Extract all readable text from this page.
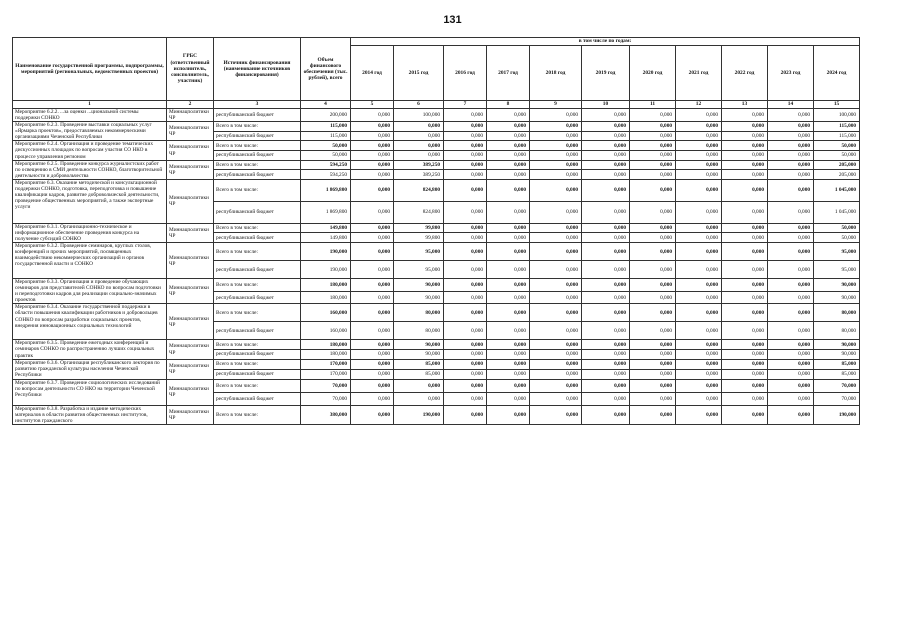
131
Наименование государственной программы, подпрограммы, мероприятий (региональных, ведомственных проектов)	ГРБС (ответственный исполнитель, соисполнитель, участник)	Источник финансирования (наименование источников финансирования)	Объем финансового обеспечения (тыс. рублей), всего	в том числе по годам:										
				2014 год	2015 год	2016 год	2017 год	2018 год	2019 год	2020 год	2021 год	2022 год	2023 год	2024 год
1	2	3	4	5	6	7	8	9	10	11	12	13	14	15
Мероприятие 6.2.2. ...за оценки ...циональной системы поддержки СОНКО	Миннацполитики ЧР	республиканский бюджет	200,000	0,000	100,000	0,000	0,000	0,000	0,000	0,000	0,000	0,000	0,000	100,000
Мероприятие 6.2.3. Проведение выставки социальных услуг «Ярмарка проектов», предоставляемых некоммерческими организациями Чеченской Республики	Миннацполитики ЧР	Всего в том числе:	115,000	0,000	0,000	0,000	0,000	0,000	0,000	0,000	0,000	0,000	0,000	115,000
		республиканский бюджет	115,000	0,000	0,000	0,000	0,000	0,000	0,000	0,000	0,000	0,000	0,000	115,000
Мероприятие 6.2.4. Организация и проведение тематических дискуссионных площадок по вопросам участия СО НКО в процессе управления регионом	Миннацполитики ЧР	Всего в том числе:	50,000	0,000	0,000	0,000	0,000	0,000	0,000	0,000	0,000	0,000	0,000	50,000
		республиканский бюджет	50,000	0,000	0,000	0,000	0,000	0,000	0,000	0,000	0,000	0,000	0,000	50,000
Мероприятие 6.2.5. Проведение конкурса журналистских работ по освещению в СМИ деятельности СОНКО, благотворительной деятельности и добровольчества	Миннацполитики ЧР	Всего в том числе:	594,250	0,000	389,250	0,000	0,000	0,000	0,000	0,000	0,000	0,000	0,000	205,000
		республиканский бюджет	594,250	0,000	389,250	0,000	0,000	0,000	0,000	0,000	0,000	0,000	0,000	205,000
Мероприятие 6.3. Оказание методической и консультационной поддержки СОНКО, подготовка, переподготовка и повышение квалификации кадров, развитие добровольческой деятельности, проведение общественных мероприятий, а также экспертные услуги	Миннацполитики ЧР	Всего в том числе:	1 869,800	0,000	824,800	0,000	0,000	0,000	0,000	0,000	0,000	0,000	0,000	1 045,000
		республиканский бюджет	1 869,800	0,000	824,800	0,000	0,000	0,000	0,000	0,000	0,000	0,000	0,000	1 045,000
Мероприятие 6.3.1. Организационно-техническое и информационное обеспечение проведения конкурса на получение субсидий СОНКО	Миннацполитики ЧР	Всего в том числе:	149,800	0,000	99,800	0,000	0,000	0,000	0,000	0,000	0,000	0,000	0,000	50,000
		республиканский бюджет	149,800	0,000	99,800	0,000	0,000	0,000	0,000	0,000	0,000	0,000	0,000	50,000
Мероприятие 6.3.2. Проведение семинаров, круглых столов, конференций и прочих мероприятий, посвященных взаимодействию некоммерческих организаций и органов государственной власти и СОНКО	Миннацполитики ЧР	Всего в том числе:	190,000	0,000	95,000	0,000	0,000	0,000	0,000	0,000	0,000	0,000	0,000	95,000
		республиканский бюджет	190,000	0,000	95,000	0,000	0,000	0,000	0,000	0,000	0,000	0,000	0,000	95,000
Мероприятие 6.3.3. Организация и проведение обучающих семинаров для представителей СОНКО по вопросам подготовки и переподготовки кадров для реализации социально-значимых проектов	Миннацполитики ЧР	Всего в том числе:	180,000	0,000	90,000	0,000	0,000	0,000	0,000	0,000	0,000	0,000	0,000	90,000
		республиканский бюджет	180,000	0,000	90,000	0,000	0,000	0,000	0,000	0,000	0,000	0,000	0,000	90,000
Мероприятие 6.3.4. Оказание государственной поддержки в области повышения квалификации работников и добровольцев СОНКО по вопросам разработки социальных проектов, внедрения инновационных социальных технологий	Миннацполитики ЧР	Всего в том числе:	160,000	0,000	80,000	0,000	0,000	0,000	0,000	0,000	0,000	0,000	0,000	80,000
		республиканский бюджет	160,000	0,000	80,000	0,000	0,000	0,000	0,000	0,000	0,000	0,000	0,000	80,000
Мероприятие 6.3.5. Проведение ежегодных конференций и семинаров СОНКО по распространению лучших социальных практик	Миннацполитики ЧР	Всего в том числе:	180,000	0,000	90,000	0,000	0,000	0,000	0,000	0,000	0,000	0,000	0,000	90,000
		республиканский бюджет	180,000	0,000	90,000	0,000	0,000	0,000	0,000	0,000	0,000	0,000	0,000	90,000
Мероприятие 6.3.6. Организация республиканского лектория по развитию гражданской культуры населения Чеченской Республики	Миннацполитики ЧР	Всего в том числе:	170,000	0,000	85,000	0,000	0,000	0,000	0,000	0,000	0,000	0,000	0,000	85,000
		республиканский бюджет	170,000	0,000	85,000	0,000	0,000	0,000	0,000	0,000	0,000	0,000	0,000	85,000
Мероприятие 6.3.7. Проведение социологических исследований по вопросам деятельности СО НКО на территории Чеченской Республики	Миннацполитики ЧР	Всего в том числе:	70,000	0,000	0,000	0,000	0,000	0,000	0,000	0,000	0,000	0,000	0,000	70,000
		республиканский бюджет	70,000	0,000	0,000	0,000	0,000	0,000	0,000	0,000	0,000	0,000	0,000	70,000
Мероприятие 6.3.8. Разработка и издание методических материалов в области развития общественных институтов, институтов гражданского	Миннацполитики ЧР	Всего в том числе:	380,000	0,000	190,000	0,000	0,000	0,000	0,000	0,000	0,000	0,000	0,000	190,000
